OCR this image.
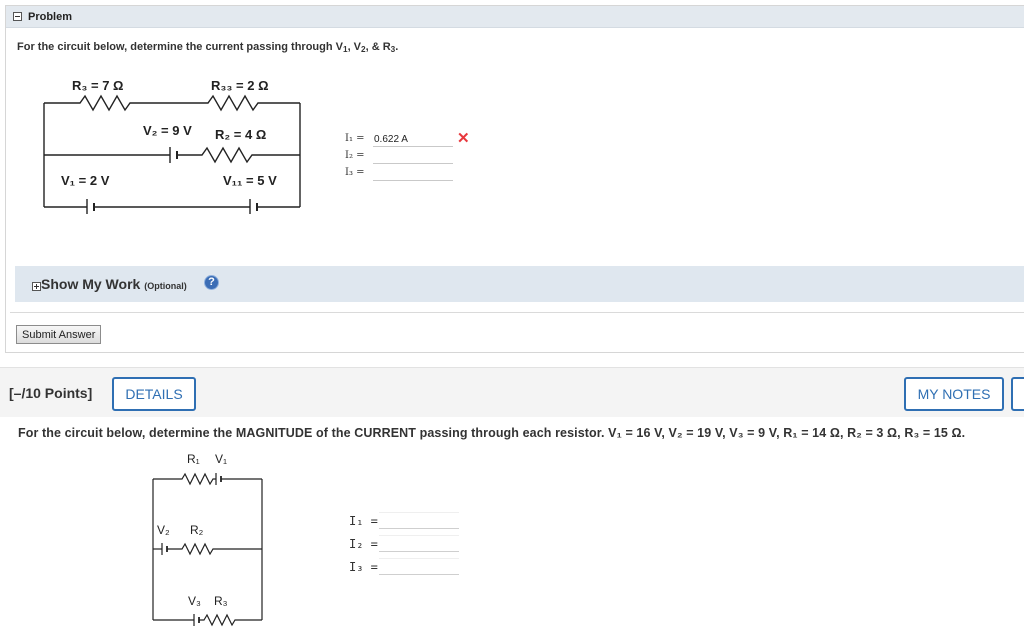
Problem
For the circuit below, determine the current passing through $V_1$, $V_2$, & $R_3$.
R₃ = 7 Ω	R₃₃ = 2 Ω
V₂ = 9 V R₂ = 4 Ω
V₁ = 2 V	V₁₁ = 5 V
I₁ =
0.622 A	✕
I₂ =
I₃ =
Show My Work (Optional)	?
Submit Answer
[–/10 Points]	DETAILS	MY NOTES
For the circuit below, determine the MAGNITUDE of the CURRENT passing through each resistor. V₁ = 16 V, V₂ = 19 V, V₃ = 9 V, R₁ = 14 Ω, R₂ = 3 Ω, R₃ = 15 Ω.
R₁ V₁
V₂ R₂
V₃ R₃
I₁ =
I₂ =
I₃ =
